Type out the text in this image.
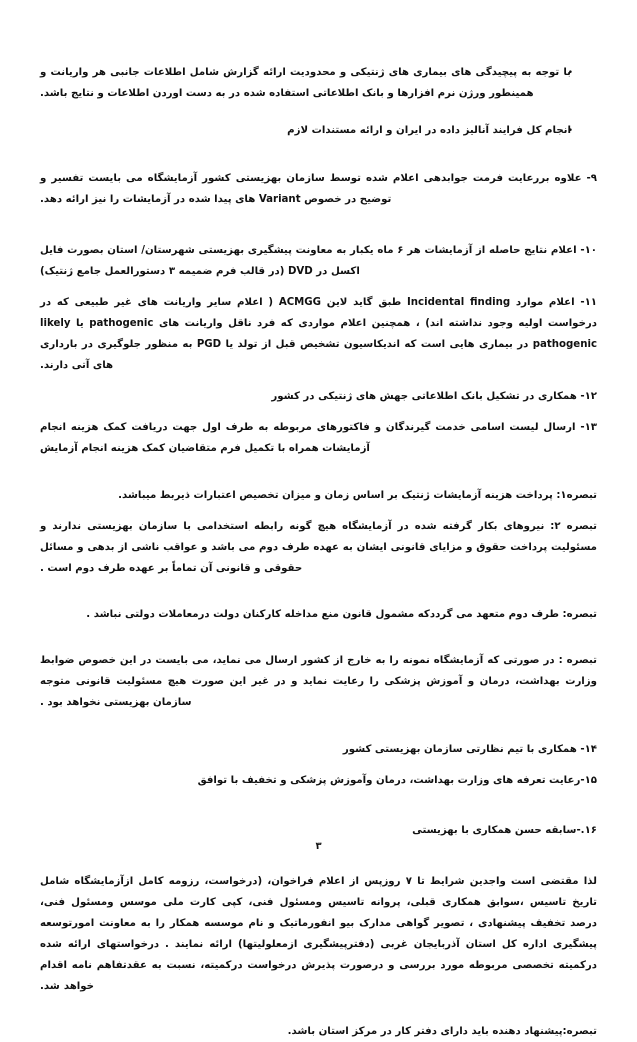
•
با توجه به پیچیدگی های بیماری های ژنتیکی و محدودیت ارائه گزارش شامل اطلاعات جانبی هر واریانت و همینطور ورژن نرم افزارها و بانک اطلاعاتی استفاده شده در به دست اوردن اطلاعات و نتایج باشد.
•
انجام کل فرایند آنالیز داده در ایران و ارائه مستندات لازم

۹- علاوه بررعایت فرمت جوابدهی اعلام شده توسط سازمان بهزیستی کشور آزمایشگاه می بایست تفسیر و توضیح در خصوص Variant های پیدا شده در آزمایشات را نیز ارائه دهد.

۱۰- اعلام نتایج حاصله از آزمایشات هر ۶ ماه یکبار به معاونت پیشگیری بهزیستی شهرستان/ استان بصورت فایل اکسل در DVD (در قالب فرم ضمیمه ۳ دستورالعمل جامع ژنتیک)

۱۱- اعلام موارد Incidental finding طبق گاید لاین ACMGG ( اعلام سایر واریانت های غیر طبیعی که در درخواست اولیه وجود نداشته اند) ، همچنین اعلام مواردی که فرد ناقل واریانت های pathogenic یا likely pathogenic در بیماری هایی است که اندیکاسیون تشخیص قبل از تولد یا PGD به منظور جلوگیری در بارداری های آتی دارند.

۱۲- همکاری در تشکیل بانک اطلاعاتی جهش های ژنتیکی در کشور

۱۳- ارسال لیست اسامی خدمت گیرندگان و فاکتورهای مربوطه به طرف اول جهت دریافت کمک هزینه انجام آزمایشات همراه با تکمیل فرم متقاضیان کمک هزینه انجام آزمایش

تبصره۱: پرداخت هزینه آزمایشات ژنتیک بر اساس زمان و میزان تخصیص اعتبارات ذیربط میباشد.

تبصره ۲: نیروهای بکار گرفته شده در آزمایشگاه هیچ گونه رابطه استخدامی با سازمان بهزیستی ندارند و مسئولیت پرداخت حقوق و مزایای قانونی ایشان به عهده طرف دوم می باشد و عواقب ناشی از بدهی و مسائل حقوقی و قانونی آن تماماً بر عهده طرف دوم است .

تبصره: طرف دوم متعهد می گرددکه مشمول قانون منع مداخله کارکنان دولت درمعاملات دولتی نباشد .

تبصره : در صورتی که آزمایشگاه نمونه را به خارج از کشور ارسال می نماید، می بایست در این خصوص ضوابط وزارت بهداشت، درمان و آموزش پزشکی را رعایت نماید و در غیر این صورت هیچ مسئولیت قانونی متوجه سازمان بهزیستی نخواهد بود .

۱۴- همکاری با تیم نظارتی سازمان بهزیستی کشور

۱۵-رعایت تعرفه های وزارت بهداشت، درمان وآموزش پزشکی و تخفیف با توافق

۱۶.-سابقه حسن همکاری با بهزیستی

لذا مقتضی است واجدین شرایط تا ۷ روزپس از اعلام فراخوان، (درخواست، رزومه کامل ازآزمایشگاه شامل تاریخ تاسیس ،سوابق همکاری قبلی، پروانه تاسیس ومسئول فنی، کپی کارت ملی موسس ومسئول فنی، درصد تخفیف پیشنهادی ، تصویر گواهی مدارک بیو انفورماتیک و نام موسسه همکار را به معاونت امورتوسعه پیشگیری اداره کل استان آذربایجان غربی (دفترپیشگیری ازمعلولیتها) ارائه نمایند . درخواستهای ارائه شده درکمیته تخصصی مربوطه مورد بررسی و درصورت پذیرش درخواست درکمیته، نسبت به عقدتفاهم نامه اقدام خواهد شد.

تبصره:پیشنهاد دهنده باید دارای دفتر کار در مرکز استان باشد.

۳
